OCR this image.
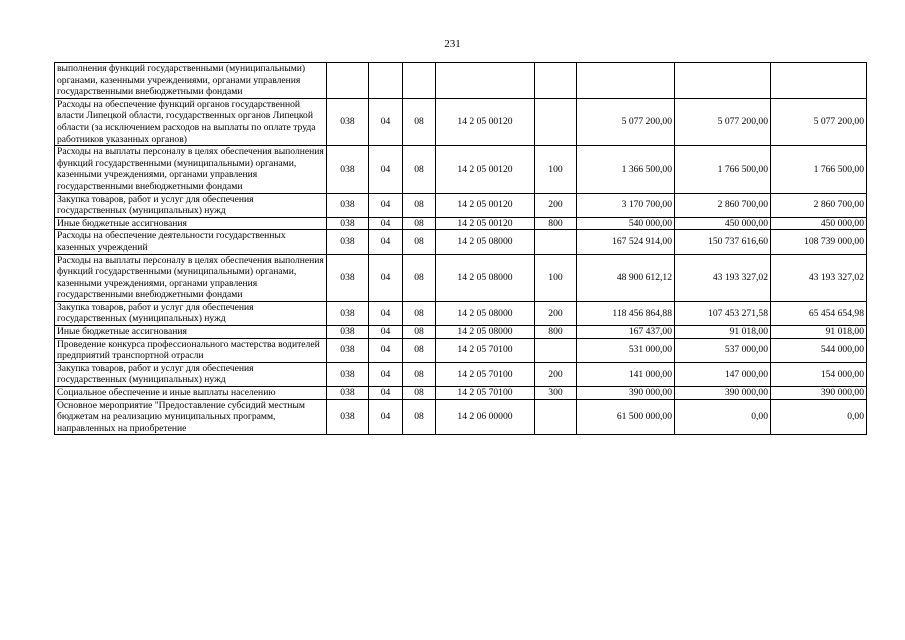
231
выполнения функций государственными (муниципальными) органами, казенными учреждениями, органами управления государственными внебюджетными фондами								
Расходы на обеспечение функций органов государственной власти Липецкой области, государственных органов Липецкой области (за исключением расходов на выплаты по оплате труда работников указанных органов)	038	04	08	14 2 05 00120		5 077 200,00	5 077 200,00	5 077 200,00
Расходы на выплаты персоналу в целях обеспечения выполнения функций государственными (муниципальными) органами, казенными учреждениями, органами управления государственными внебюджетными фондами	038	04	08	14 2 05 00120	100	1 366 500,00	1 766 500,00	1 766 500,00
Закупка товаров, работ и услуг для обеспечения государственных (муниципальных) нужд	038	04	08	14 2 05 00120	200	3 170 700,00	2 860 700,00	2 860 700,00
Иные бюджетные ассигнования	038	04	08	14 2 05 00120	800	540 000,00	450 000,00	450 000,00
Расходы на обеспечение деятельности государственных казенных учреждений	038	04	08	14 2 05 08000		167 524 914,00	150 737 616,60	108 739 000,00
Расходы на выплаты персоналу в целях обеспечения выполнения функций государственными (муниципальными) органами, казенными учреждениями, органами управления государственными внебюджетными фондами	038	04	08	14 2 05 08000	100	48 900 612,12	43 193 327,02	43 193 327,02
Закупка товаров, работ и услуг для обеспечения государственных (муниципальных) нужд	038	04	08	14 2 05 08000	200	118 456 864,88	107 453 271,58	65 454 654,98
Иные бюджетные ассигнования	038	04	08	14 2 05 08000	800	167 437,00	91 018,00	91 018,00
Проведение конкурса профессионального мастерства водителей предприятий транспортной отрасли	038	04	08	14 2 05 70100		531 000,00	537 000,00	544 000,00
Закупка товаров, работ и услуг для обеспечения государственных (муниципальных) нужд	038	04	08	14 2 05 70100	200	141 000,00	147 000,00	154 000,00
Социальное обеспечение и иные выплаты населению	038	04	08	14 2 05 70100	300	390 000,00	390 000,00	390 000,00
Основное мероприятие "Предоставление субсидий местным бюджетам на реализацию муниципальных программ, направленных на приобретение	038	04	08	14 2 06 00000		61 500 000,00	0,00	0,00
